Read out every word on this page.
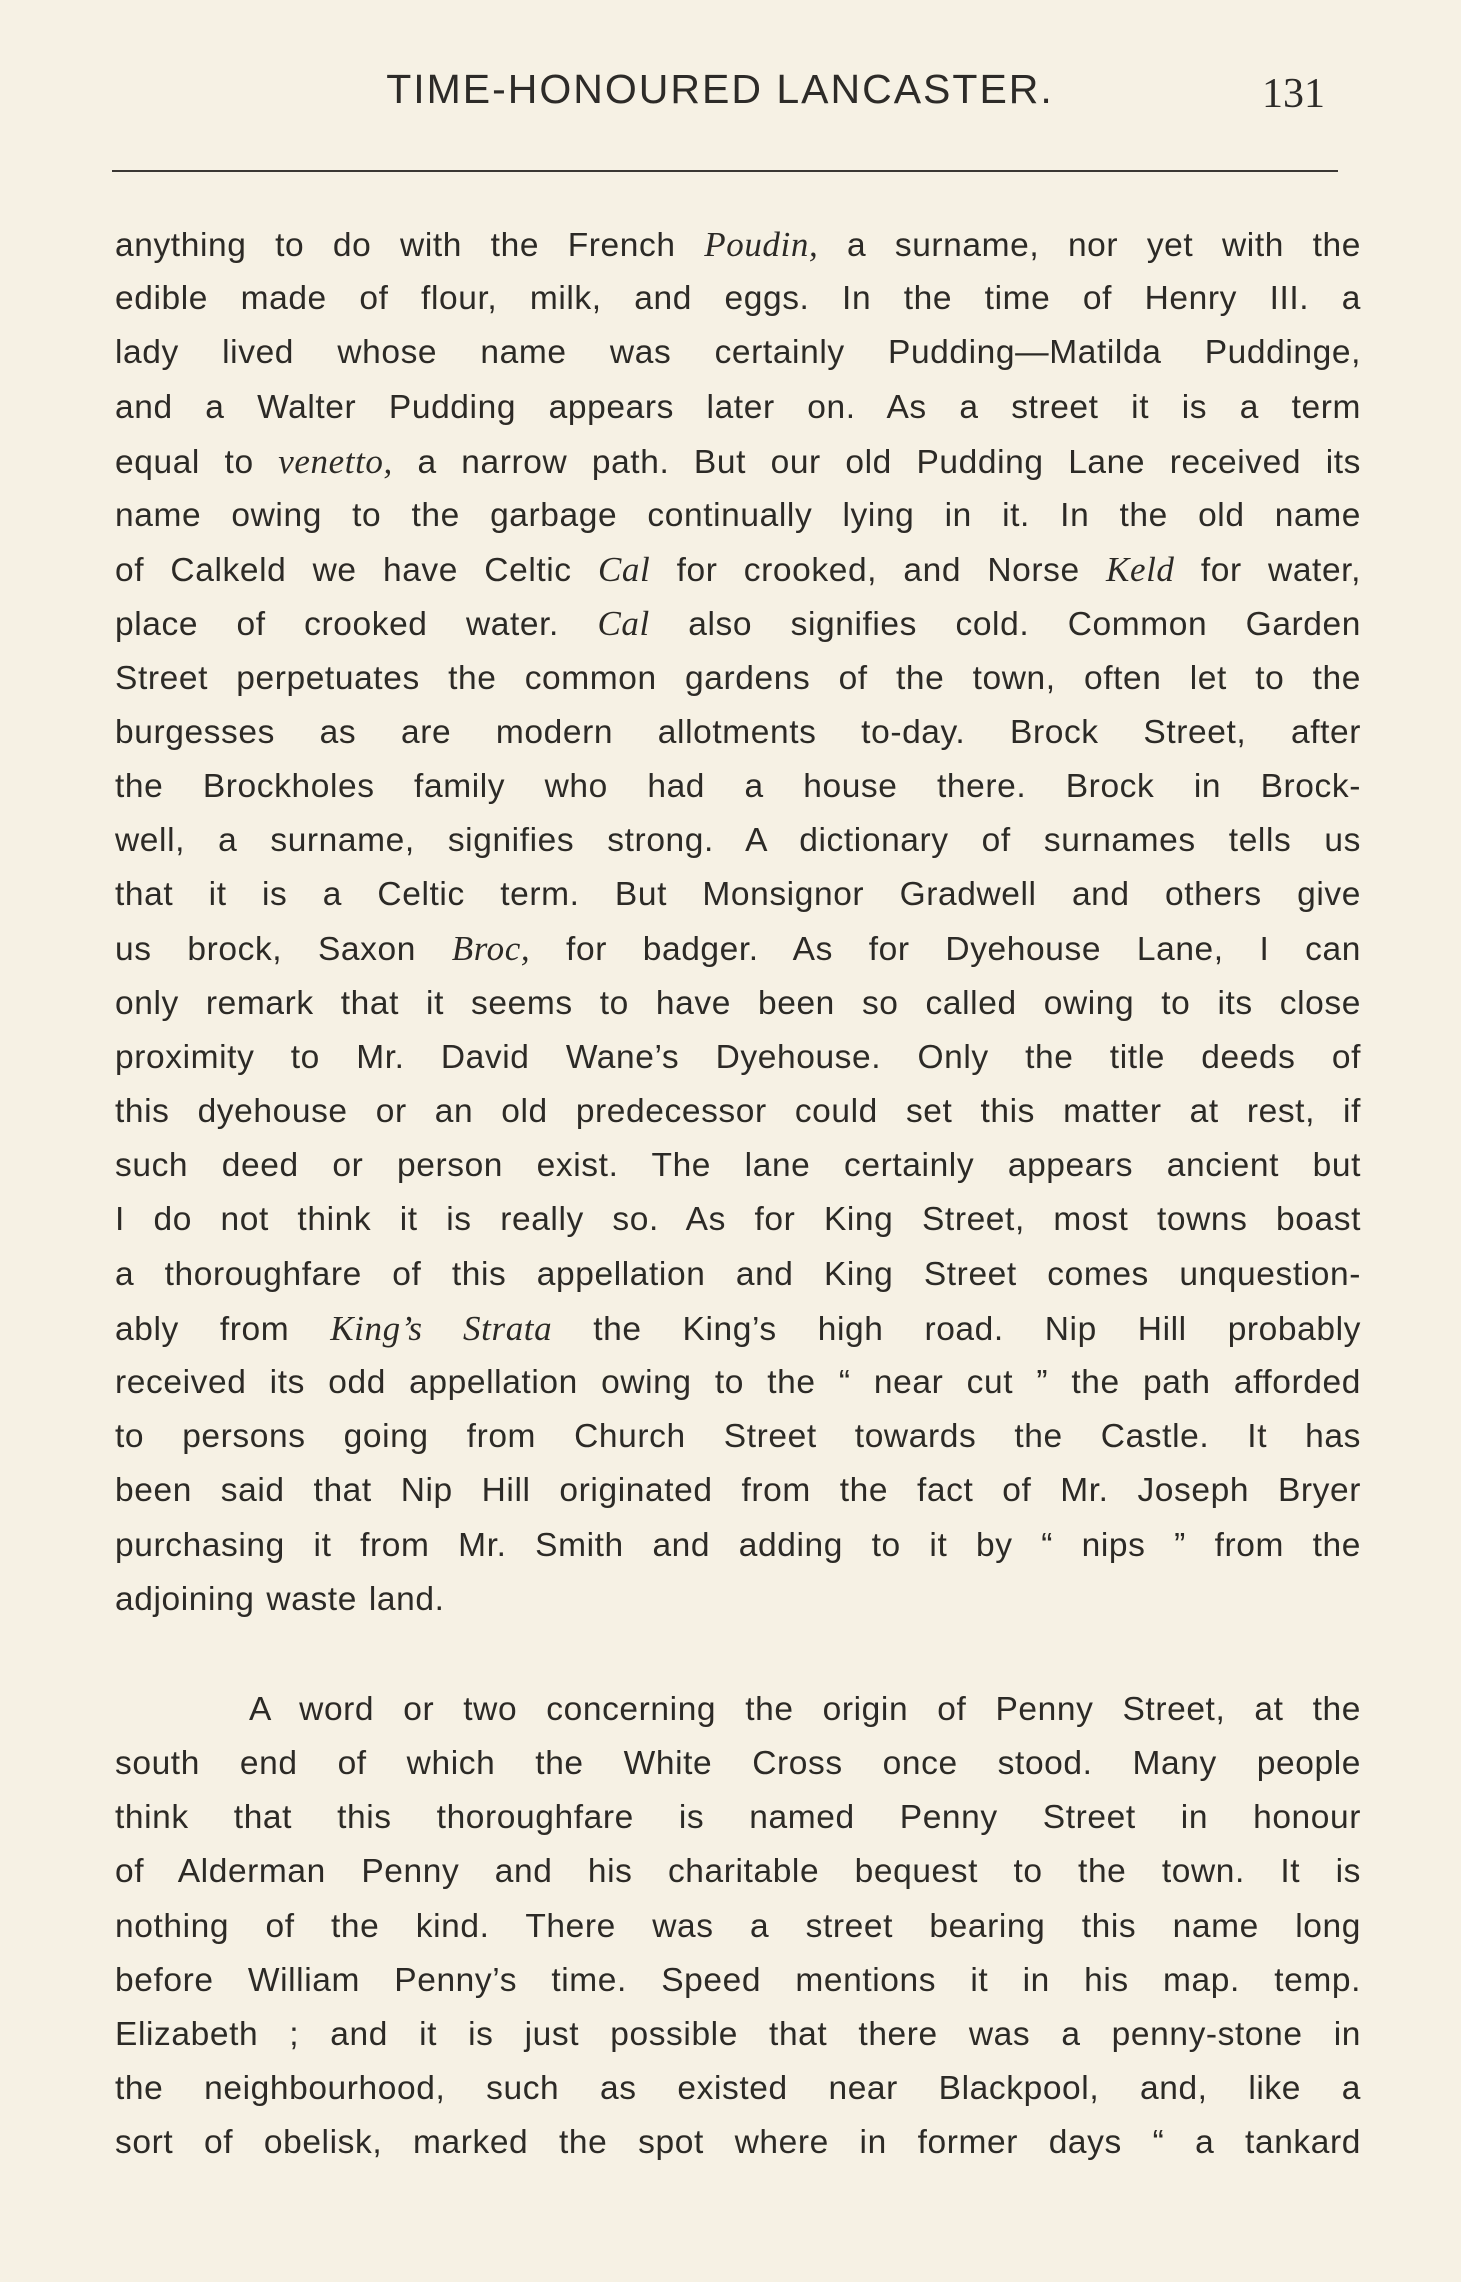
TIME-HONOURED LANCASTER.	131
anything to do with the French Poudin, a surname, nor yet with the
edible made of flour, milk, and eggs. In the time of Henry III. a
lady lived whose name was certainly Pudding—Matilda Puddinge,
and a Walter Pudding appears later on. As a street it is a term
equal to venetto, a narrow path. But our old Pudding Lane received its
name owing to the garbage continually lying in it. In the old name
of Calkeld we have Celtic Cal for crooked, and Norse Keld for water,
place of crooked water. Cal also signifies cold. Common Garden
Street perpetuates the common gardens of the town, often let to the
burgesses as are modern allotments to-day. Brock Street, after
the Brockholes family who had a house there. Brock in Brock-
well, a surname, signifies strong. A dictionary of surnames tells us
that it is a Celtic term. But Monsignor Gradwell and others give
us brock, Saxon Broc, for badger. As for Dyehouse Lane, I can
only remark that it seems to have been so called owing to its close
proximity to Mr. David Wane’s Dyehouse. Only the title deeds of
this dyehouse or an old predecessor could set this matter at rest, if
such deed or person exist. The lane certainly appears ancient but
I do not think it is really so. As for King Street, most towns boast
a thoroughfare of this appellation and King Street comes unquestion-
ably from King’s Strata the King’s high road. Nip Hill probably
received its odd appellation owing to the “ near cut ” the path afforded
to persons going from Church Street towards the Castle. It has
been said that Nip Hill originated from the fact of Mr. Joseph Bryer
purchasing it from Mr. Smith and adding to it by “ nips ” from the
adjoining waste land.
A word or two concerning the origin of Penny Street, at the
south end of which the White Cross once stood. Many people
think that this thoroughfare is named Penny Street in honour
of Alderman Penny and his charitable bequest to the town. It is
nothing of the kind. There was a street bearing this name long
before William Penny’s time. Speed mentions it in his map. temp.
Elizabeth ; and it is just possible that there was a penny-stone in
the neighbourhood, such as existed near Blackpool, and, like a
sort of obelisk, marked the spot where in former days “ a tankard
